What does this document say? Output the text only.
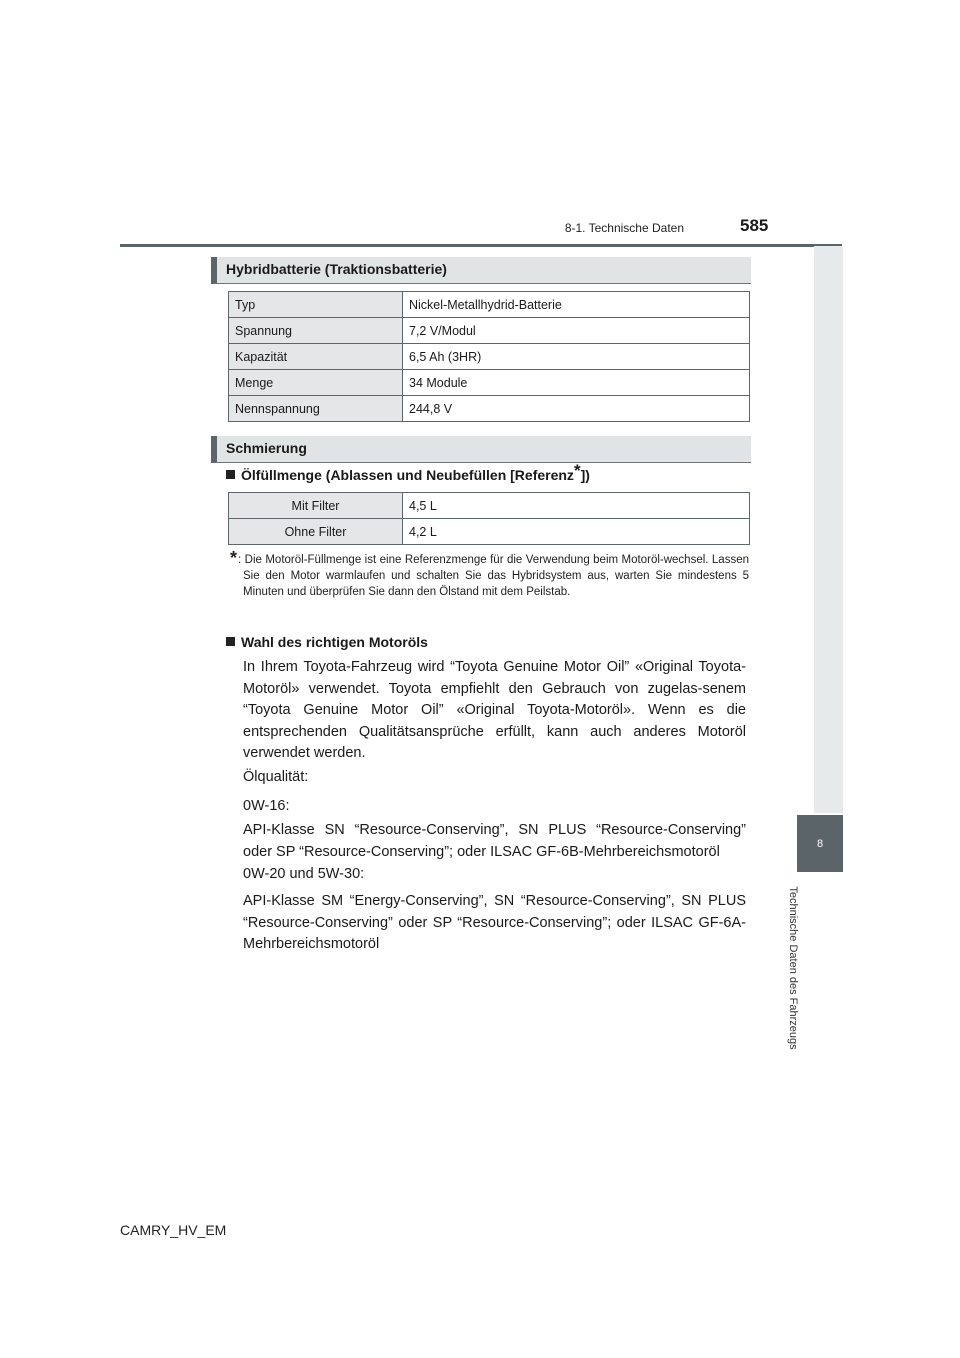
8-1. Technische Daten	585
8
Technische Daten des Fahrzeugs
Hybridbatterie (Traktionsbatterie)
Typ	Nickel-Metallhydrid-Batterie
Spannung	7,2 V/Modul
Kapazität	6,5 Ah (3HR)
Menge	34 Module
Nennspannung	244,8 V
Schmierung
Ölfüllmenge (Ablassen und Neubefüllen [Referenz*])
Mit Filter	4,5 L
Ohne Filter	4,2 L
* : Die Motoröl-Füllmenge ist eine Referenzmenge für die Verwendung beim Motoröl-wechsel. Lassen Sie den Motor warmlaufen und schalten Sie das Hybridsystem aus, warten Sie mindestens 5 Minuten und überprüfen Sie dann den Ölstand mit dem Peilstab.
Wahl des richtigen Motoröls
In Ihrem Toyota-Fahrzeug wird “Toyota Genuine Motor Oil” «Original Toyota-Motoröl» verwendet. Toyota empfiehlt den Gebrauch von zugelas-senem “Toyota Genuine Motor Oil” «Original Toyota-Motoröl». Wenn es die entsprechenden Qualitätsansprüche erfüllt, kann auch anderes Motoröl verwendet werden.
Ölqualität:
0W-16:
API-Klasse SN “Resource-Conserving”, SN PLUS “Resource-Conserving” oder SP “Resource-Conserving”; oder ILSAC GF-6B-Mehrbereichsmotoröl
0W-20 und 5W-30:
API-Klasse SM “Energy-Conserving”, SN “Resource-Conserving”, SN PLUS “Resource-Conserving” oder SP “Resource-Conserving”; oder ILSAC GF-6A-Mehrbereichsmotoröl
CAMRY_HV_EM
